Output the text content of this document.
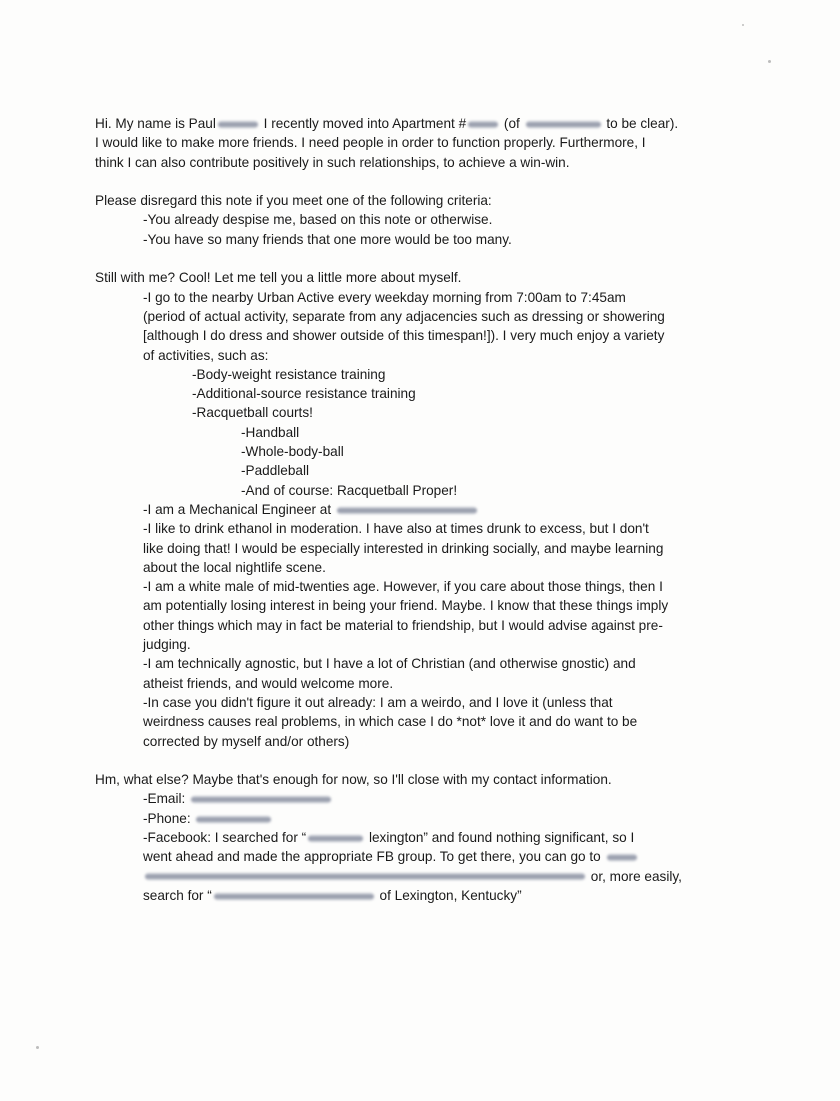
Hi. My name is Paul	I recently moved into Apartment #	(of	to be clear).

I would like to make more friends. I need people in order to function properly. Furthermore, I

think I can also contribute positively in such relationships, to achieve a win-win.

Please disregard this note if you meet one of the following criteria:

-You already despise me, based on this note or otherwise.

-You have so many friends that one more would be too many.

Still with me? Cool! Let me tell you a little more about myself.

-I go to the nearby Urban Active every weekday morning from 7:00am to 7:45am

(period of actual activity, separate from any adjacencies such as dressing or showering

[although I do dress and shower outside of this timespan!]). I very much enjoy a variety

of activities, such as:

-Body-weight resistance training

-Additional-source resistance training

-Racquetball courts!

-Handball

-Whole-body-ball

-Paddleball

-And of course: Racquetball Proper!

-I am a Mechanical Engineer at

-I like to drink ethanol in moderation. I have also at times drunk to excess, but I don't

like doing that! I would be especially interested in drinking socially, and maybe learning

about the local nightlife scene.

-I am a white male of mid-twenties age. However, if you care about those things, then I

am potentially losing interest in being your friend. Maybe. I know that these things imply

other things which may in fact be material to friendship, but I would advise against pre-

judging.

-I am technically agnostic, but I have a lot of Christian (and otherwise gnostic) and

atheist friends, and would welcome more.

-In case you didn't figure it out already: I am a weirdo, and I love it (unless that

weirdness causes real problems, in which case I do *not* love it and do want to be

corrected by myself and/or others)

Hm, what else? Maybe that's enough for now, so I'll close with my contact information.

-Email:

-Phone:

-Facebook: I searched for “	lexington” and found nothing significant, so I

went ahead and made the appropriate FB group. To get there, you can go to

or, more easily,

search for “	of Lexington, Kentucky”
